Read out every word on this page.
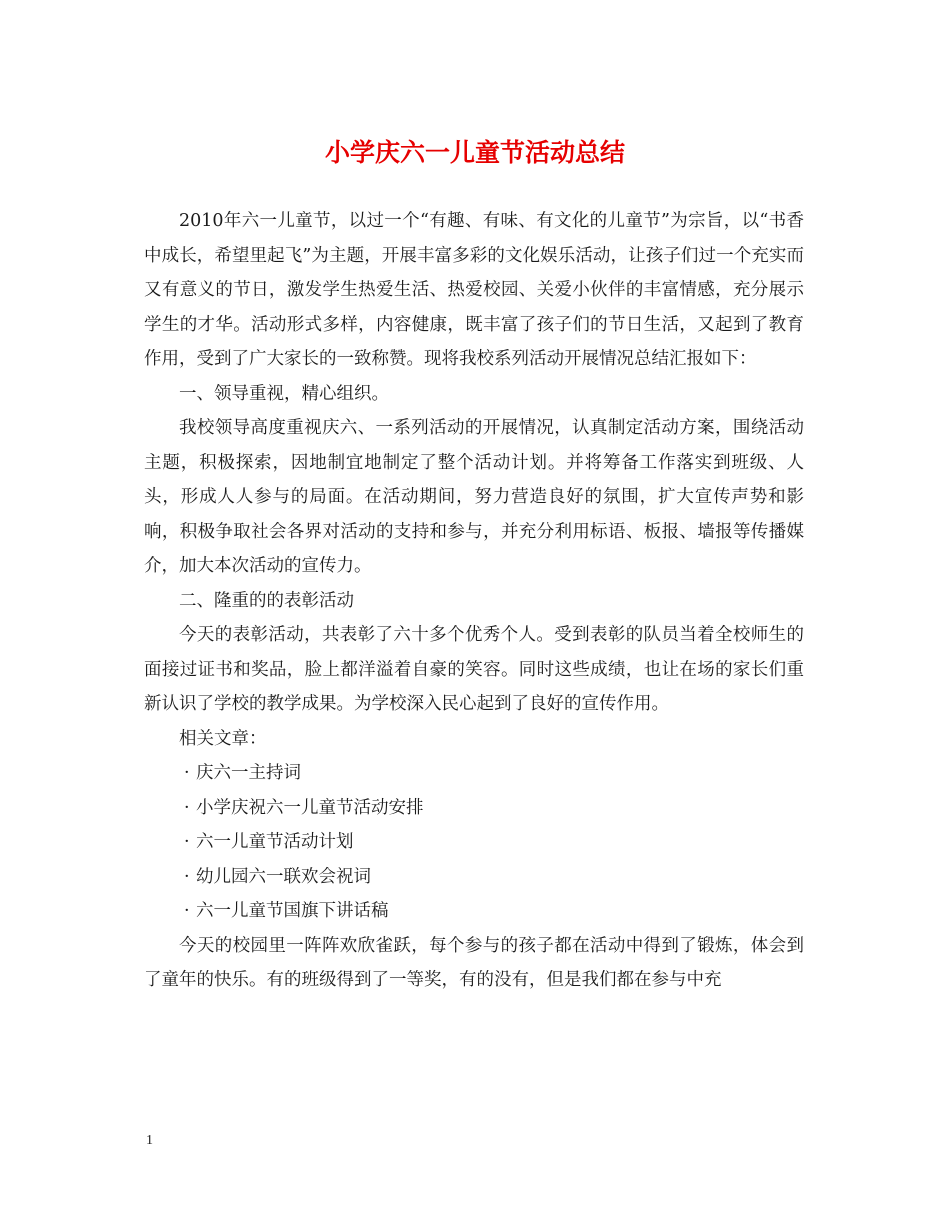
小学庆六一儿童节活动总结

2010年六一儿童节，以过一个“有趣、有味、有文化的儿童节”为宗旨，以“书香中成长，希望里起飞”为主题，开展丰富多彩的文化娱乐活动，让孩子们过一个充实而又有意义的节日，激发学生热爱生活、热爱校园、关爱小伙伴的丰富情感，充分展示学生的才华。活动形式多样，内容健康，既丰富了孩子们的节日生活，又起到了教育作用，受到了广大家长的一致称赞。现将我校系列活动开展情况总结汇报如下：

一、领导重视，精心组织。

我校领导高度重视庆六、一系列活动的开展情况，认真制定活动方案，围绕活动主题，积极探索，因地制宜地制定了整个活动计划。并将筹备工作落实到班级、人头，形成人人参与的局面。在活动期间，努力营造良好的氛围，扩大宣传声势和影响，积极争取社会各界对活动的支持和参与，并充分利用标语、板报、墙报等传播媒介，加大本次活动的宣传力。

二、隆重的的表彰活动

今天的表彰活动，共表彰了六十多个优秀个人。受到表彰的队员当着全校师生的面接过证书和奖品，脸上都洋溢着自豪的笑容。同时这些成绩，也让在场的家长们重新认识了学校的教学成果。为学校深入民心起到了良好的宣传作用。

相关文章：

· 庆六一主持词
· 小学庆祝六一儿童节活动安排
· 六一儿童节活动计划
· 幼儿园六一联欢会祝词
· 六一儿童节国旗下讲话稿

今天的校园里一阵阵欢欣雀跃，每个参与的孩子都在活动中得到了锻炼，体会到了童年的快乐。有的班级得到了一等奖，有的没有，但是我们都在参与中充

1
